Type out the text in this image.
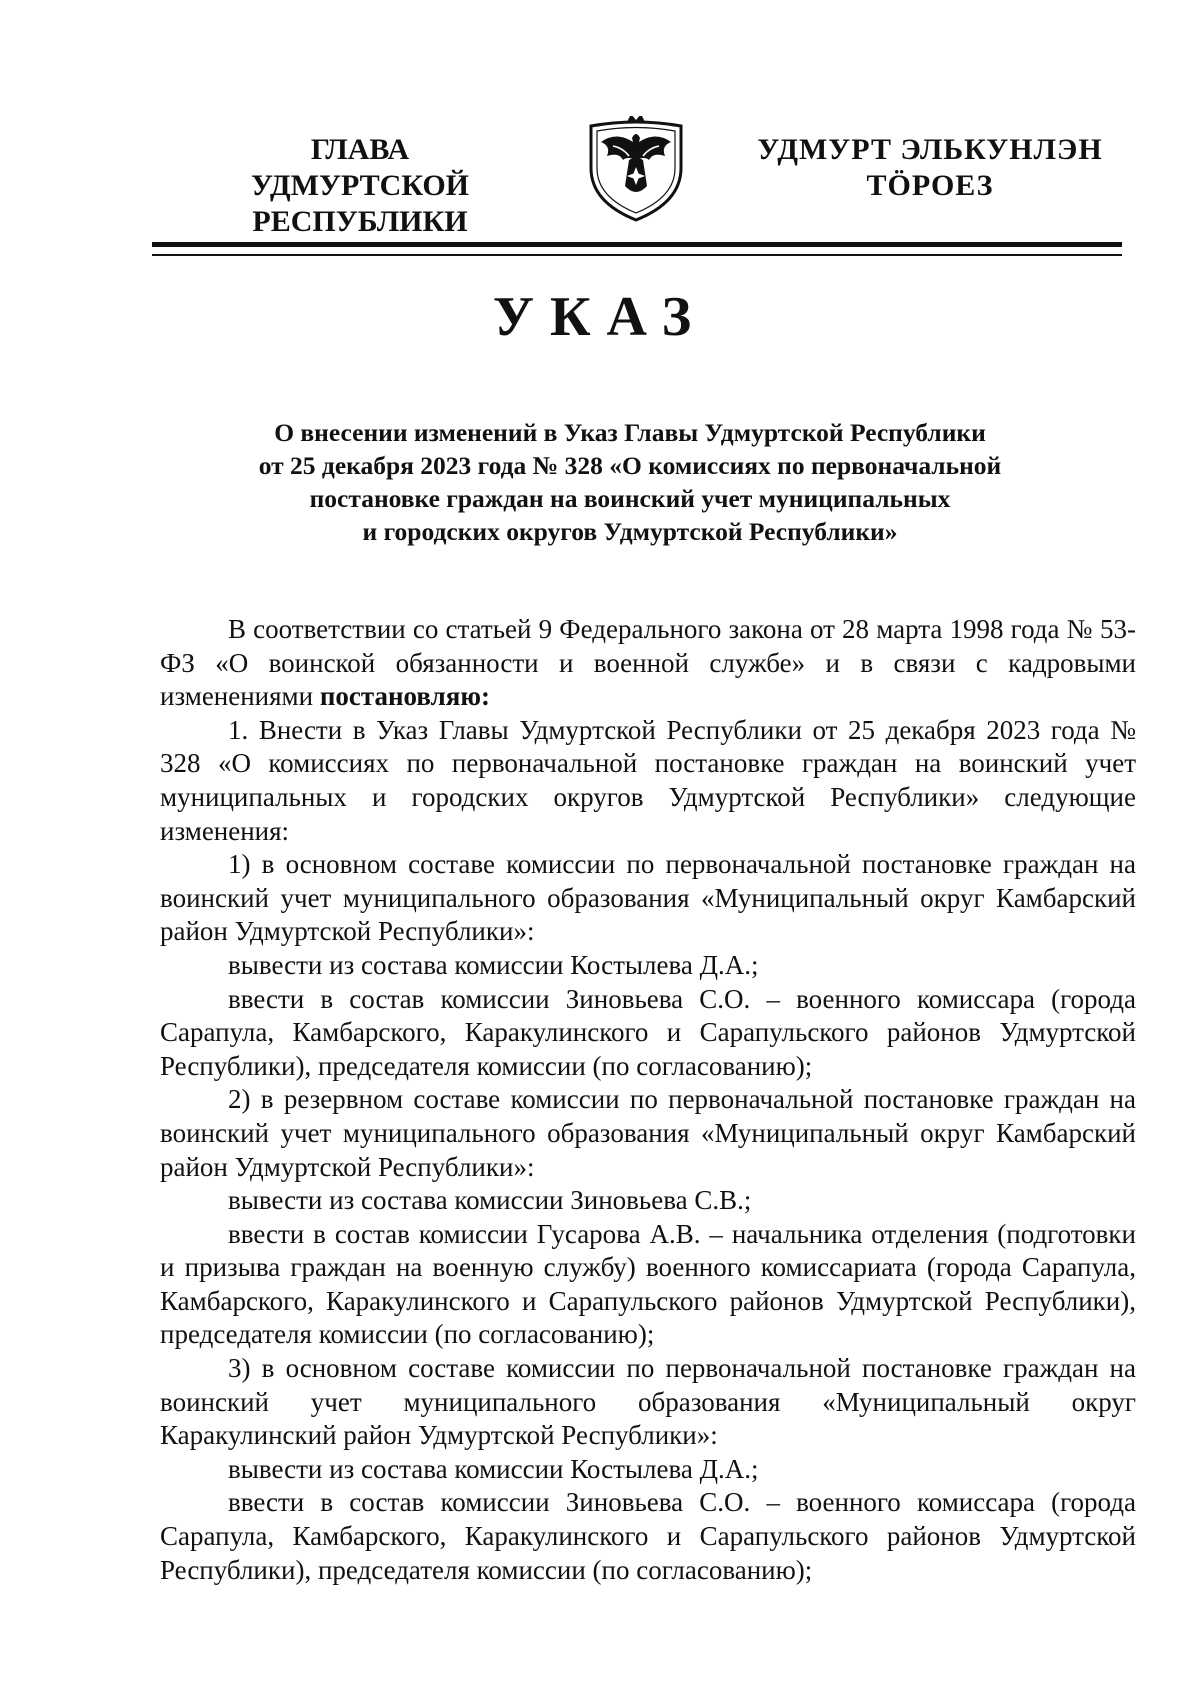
ГЛАВА
УДМУРТСКОЙ РЕСПУБЛИКИ
УДМУРТ ЭЛЬКУНЛЭН
ТӦРОЕЗ
УКАЗ
О внесении изменений в Указ Главы Удмуртской Республики
от 25 декабря 2023 года № 328 «О комиссиях по первоначальной
постановке граждан на воинский учет муниципальных
и городских округов Удмуртской Республики»

В соответствии со статьей 9 Федерального закона от 28 марта 1998 года № 53-ФЗ «О воинской обязанности и военной службе» и в связи с кадровыми изменениями постановляю:

1. Внести в Указ Главы Удмуртской Республики от 25 декабря 2023 года № 328 «О комиссиях по первоначальной постановке граждан на воинский учет муниципальных и городских округов Удмуртской Республики» следующие изменения:

1) в основном составе комиссии по первоначальной постановке граждан на воинский учет муниципального образования «Муниципальный округ Камбарский район Удмуртской Республики»:

вывести из состава комиссии Костылева Д.А.;

ввести в состав комиссии Зиновьева С.О. – военного комиссара (города Сарапула, Камбарского, Каракулинского и Сарапульского районов Удмуртской Республики), председателя комиссии (по согласованию);

2) в резервном составе комиссии по первоначальной постановке граждан на воинский учет муниципального образования «Муниципальный округ Камбарский район Удмуртской Республики»:

вывести из состава комиссии Зиновьева С.В.;

ввести в состав комиссии Гусарова А.В. – начальника отделения (подготовки и призыва граждан на военную службу) военного комиссариата (города Сарапула, Камбарского, Каракулинского и Сарапульского районов Удмуртской Республики), председателя комиссии (по согласованию);

3) в основном составе комиссии по первоначальной постановке граждан на воинский учет муниципального образования «Муниципальный округ Каракулинский район Удмуртской Республики»:

вывести из состава комиссии Костылева Д.А.;

ввести в состав комиссии Зиновьева С.О. – военного комиссара (города Сарапула, Камбарского, Каракулинского и Сарапульского районов Удмуртской Республики), председателя комиссии (по согласованию);
